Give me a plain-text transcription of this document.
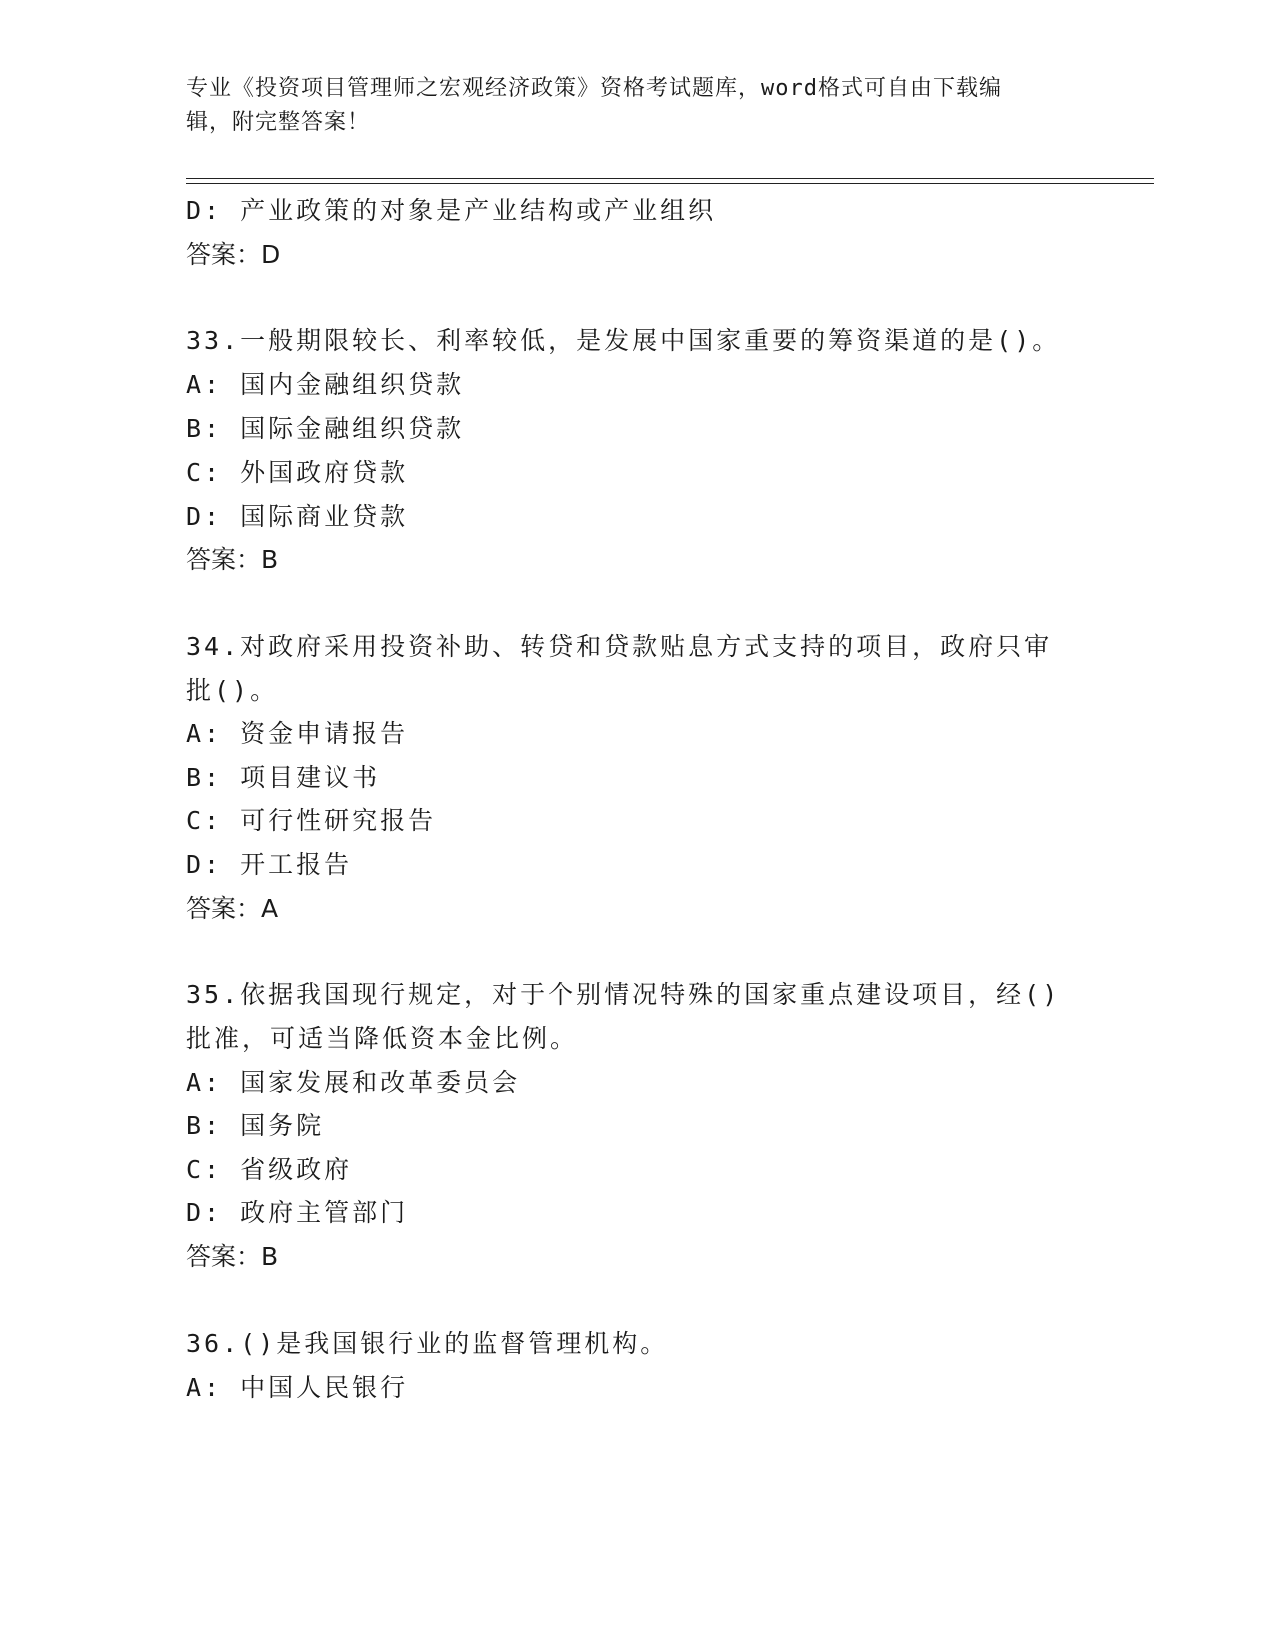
专业《投资项目管理师之宏观经济政策》资格考试题库，word格式可自由下载编
辑，附完整答案！
D: 产业政策的对象是产业结构或产业组织
答案：D
33.一般期限较长、利率较低，是发展中国家重要的筹资渠道的是()。
A: 国内金融组织贷款
B: 国际金融组织贷款
C: 外国政府贷款
D: 国际商业贷款
答案：B
34.对政府采用投资补助、转贷和贷款贴息方式支持的项目，政府只审
批()。
A: 资金申请报告
B: 项目建议书
C: 可行性研究报告
D: 开工报告
答案：A
35.依据我国现行规定，对于个别情况特殊的国家重点建设项目，经()
批准，可适当降低资本金比例。
A: 国家发展和改革委员会
B: 国务院
C: 省级政府
D: 政府主管部门
答案：B
36.()是我国银行业的监督管理机构。
A: 中国人民银行
